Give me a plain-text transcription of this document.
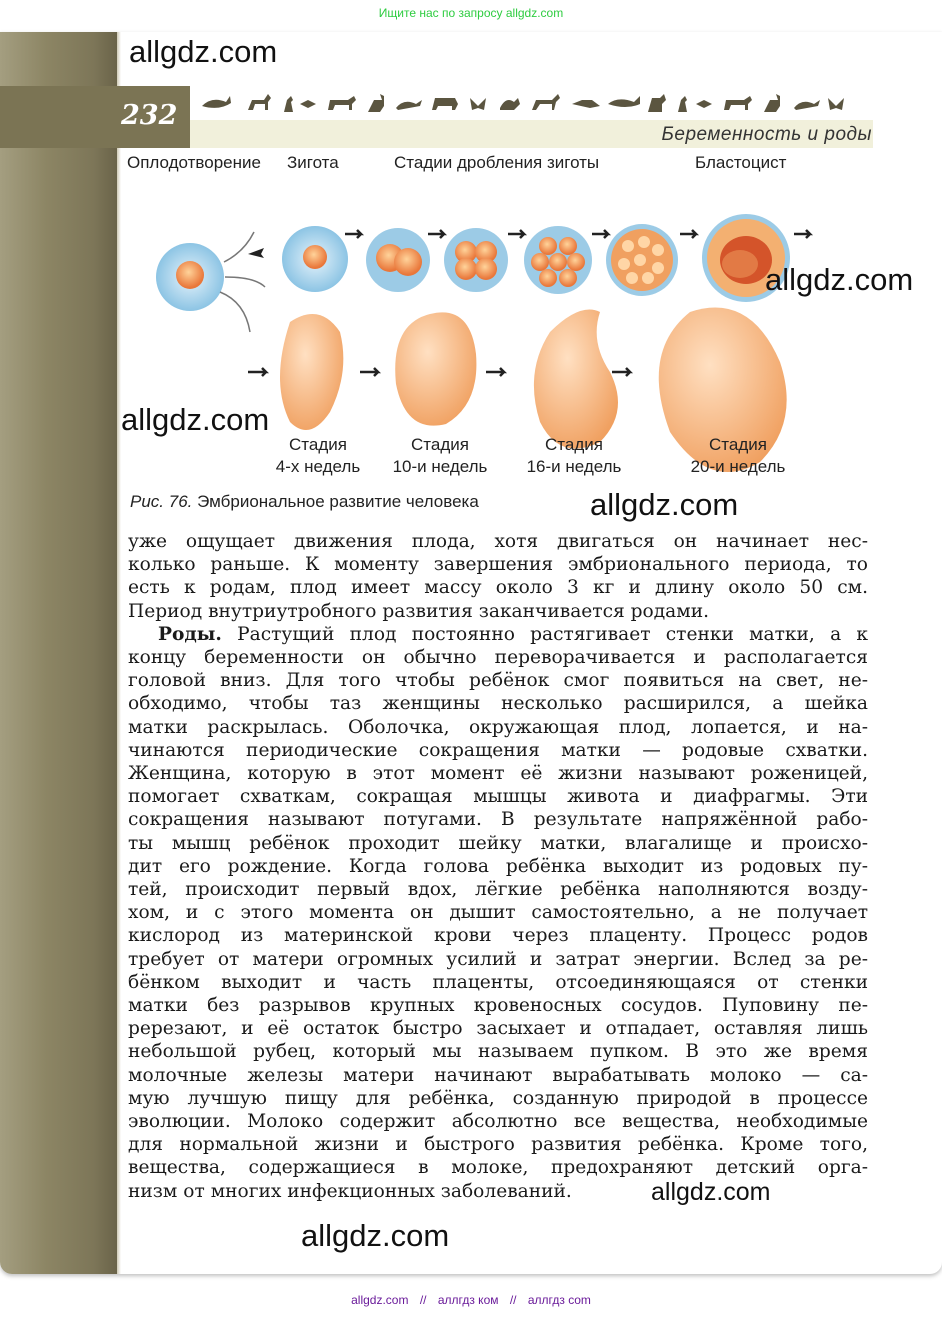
Ищите нас по запросу allgdz.com
232
Беременность и роды
allgdz.com
Оплодотворение Зигота	Стадии дробления зиготы	Бластоцист
allgdz.com
allgdz.com
Стадия
4-х недель
Стадия
10-и недель
Стадия
16-и недель
Стадия
20-и недель
Рис. 76. Эмбриональное развитие человека	allgdz.com
уже ощущает движения плода, хотя двигаться он начинает нес-
колько раньше. К моменту завершения эмбрионального периода, то
есть к родам, плод имеет массу около 3 кг и длину около 50 см.
Период внутриутробного развития заканчивается родами.
Роды. Растущий плод постоянно растягивает стенки матки, а к
концу беременности он обычно переворачивается и располагается
головой вниз. Для того чтобы ребёнок смог появиться на свет, не-
обходимо, чтобы таз женщины несколько расширился, а шейка
матки раскрылась. Оболочка, окружающая плод, лопается, и на-
чинаются периодические сокращения матки — родовые схватки.
Женщина, которую в этот момент её жизни называют роженицей,
помогает схваткам, сокращая мышцы живота и диафрагмы. Эти
сокращения называют потугами. В результате напряжённой рабо-
ты мышц ребёнок проходит шейку матки, влагалище и происхо-
дит его рождение. Когда голова ребёнка выходит из родовых пу-
тей, происходит первый вдох, лёгкие ребёнка наполняются возду-
хом, и с этого момента он дышит самостоятельно, а не получает
кислород из материнской крови через плаценту. Процесс родов
требует от матери огромных усилий и затрат энергии. Вслед за ре-
бёнком выходит и часть плаценты, отсоединяющаяся от стенки
матки без разрывов крупных кровеносных сосудов. Пуповину пе-
ререзают, и её остаток быстро засыхает и отпадает, оставляя лишь
небольшой рубец, который мы называем пупком. В это же время
молочные железы матери начинают вырабатывать молоко — са-
мую лучшую пищу для ребёнка, созданную природой в процессе
эволюции. Молоко содержит абсолютно все вещества, необходимые
для нормальной жизни и быстрого развития ребёнка. Кроме того,
вещества, содержащиеся в молоке, предохраняют детский орга-
низм от многих инфекционных заболеваний.	allgdz.com
allgdz.com
allgdz.com // аллгдз ком // аллгдз com
